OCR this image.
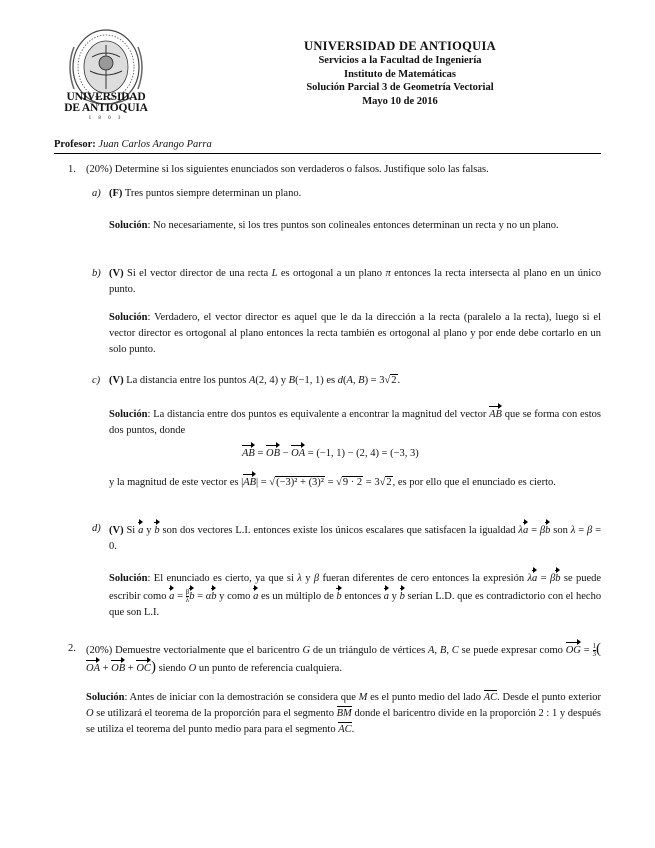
UNIVERSIDAD
DE ANTIOQUIA
1 8 0 3
UNIVERSIDAD DE ANTIOQUIA
Servicios a la Facultad de Ingeniería
Instituto de Matemáticas
Solución Parcial 3 de Geometría Vectorial
Mayo 10 de 2016
Profesor: Juan Carlos Arango Parra
1. (20%) Determine si los siguientes enunciados son verdaderos o falsos. Justifique solo las falsas.
a) (F) Tres puntos siempre determinan un plano.
Solución: No necesariamente, si los tres puntos son colineales entonces determinan un recta y no un plano.
b) (V) Si el vector director de una recta L es ortogonal a un plano π entonces la recta intersecta al plano en un único punto.
Solución: Verdadero, el vector director es aquel que le da la dirección a la recta (paralelo a la recta), luego si el vector director es ortogonal al plano entonces la recta también es ortogonal al plano y por ende debe cortarlo en un solo punto.
c) (V) La distancia entre los puntos A(2, 4) y B(−1, 1) es d(A, B) = 3√2.
Solución: La distancia entre dos puntos es equivalente a encontrar la magnitud del vector AB que se forma con estos dos puntos, donde
AB = OB − OA = (−1, 1) − (2, 4) = (−3, 3)
y la magnitud de este vector es |AB| = √(−3)² + (3)² = √9 · 2 = 3√2, es por ello que el enunciado es cierto.
d) (V) Si a y b son dos vectores L.I. entonces existe los únicos escalares que satisfacen la igualdad λa = βb son λ = β = 0.
Solución: El enunciado es cierto, ya que si λ y β fueran diferentes de cero entonces la expresión λa = βb se puede escribir como $a = \frac{\beta}{\lambda}$ b = αb y como a es un múltiplo de b entonces a y b serían L.D. que es contradictorio con el hecho que son L.I.
2. (20%) Demuestre vectorialmente que el baricentro G de un triángulo de vértices A, B, C se puede expresar como OG = $\frac{1}{3} (OA$ + OB + OC) siendo O un punto de referencia cualquiera.
Solución: Antes de iniciar con la demostración se considera que M es el punto medio del lado AC. Desde el punto exterior O se utilizará el teorema de la proporción para el segmento BM donde el baricentro divide en la proporción 2 : 1 y después se utiliza el teorema del punto medio para para el segmento AC.
